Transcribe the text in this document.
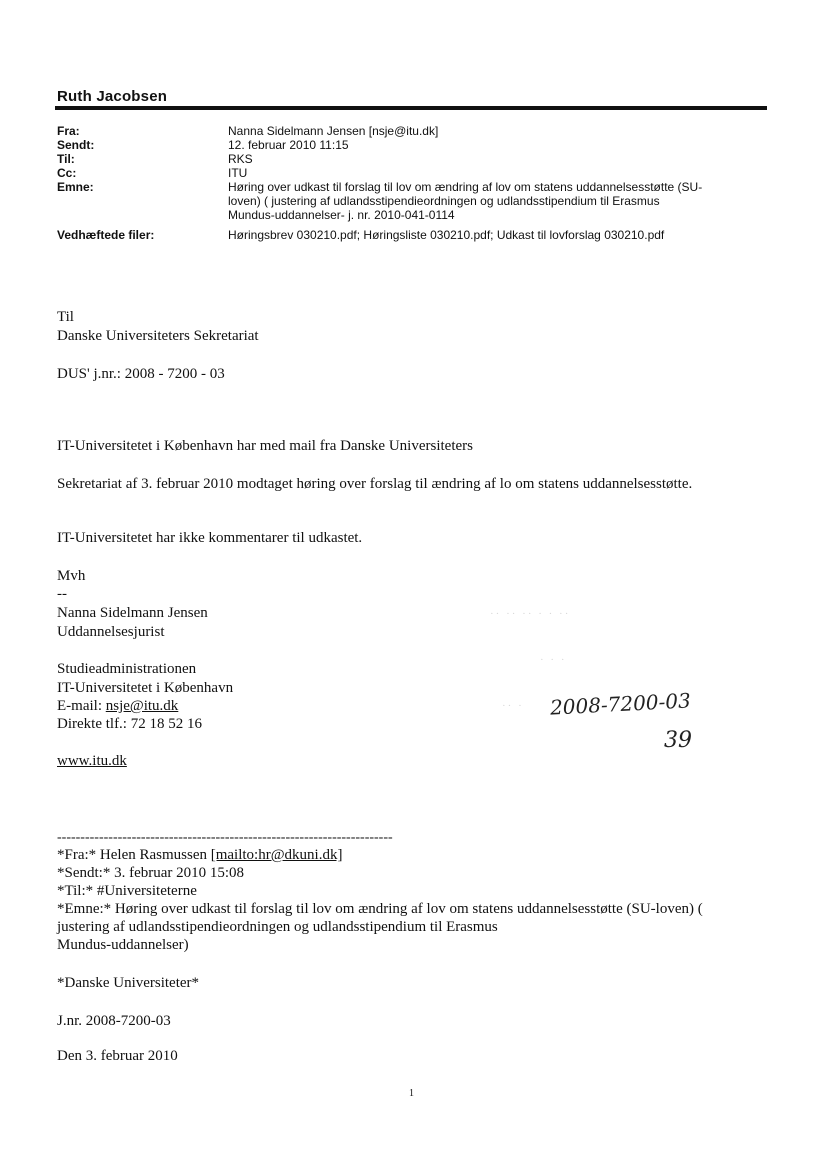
Ruth Jacobsen
Fra:	Nanna Sidelmann Jensen [nsje@itu.dk]
Sendt:	12. februar 2010 11:15
Til:	RKS
Cc:	ITU
Emne:	Høring over udkast til forslag til lov om ændring af lov om statens uddannelsesstøtte (SU-
loven) ( justering af udlandsstipendieordningen og udlandsstipendium til Erasmus
Mundus-uddannelser- j. nr. 2010-041-0114
Vedhæftede filer:	Høringsbrev 030210.pdf; Høringsliste 030210.pdf; Udkast til lovforslag 030210.pdf
Til
Danske Universiteters Sekretariat
DUS' j.nr.: 2008 - 7200 - 03
IT-Universitetet i København har med mail fra Danske Universiteters
Sekretariat af 3. februar 2010 modtaget høring over forslag til ændring af lo om statens uddannelsesstøtte.
IT-Universitetet har ikke kommentarer til udkastet.
Mvh
--
Nanna Sidelmann Jensen
Uddannelsesjurist
Studieadministrationen
IT-Universitetet i København
E-mail: nsje@itu.dk
Direkte tlf.: 72 18 52 16
www.itu.dk
·· ·· ·· · · ··
· · ·
·· · 2008-7200-03
39
------------------------------------------------------------------------
*Fra:* Helen Rasmussen [mailto:hr@dkuni.dk]
*Sendt:* 3. februar 2010 15:08
*Til:* #Universiteterne
*Emne:* Høring over udkast til forslag til lov om ændring af lov om statens uddannelsesstøtte (SU-loven) (
justering af udlandsstipendieordningen og udlandsstipendium til Erasmus
Mundus-uddannelser)
*Danske Universiteter*
J.nr. 2008-7200-03
Den 3. februar 2010
1
